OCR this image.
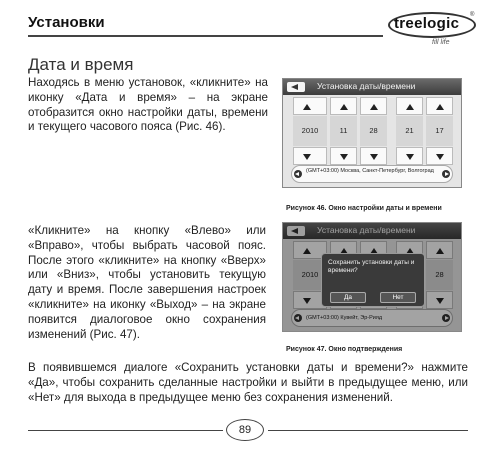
Установки	treelogic ®
fill life
Дата и время
Находясь в меню установок, «кликните» на иконку «Дата и время» – на экране отобразится окно настройки даты, времени и текущего часового пояса (Рис. 46).
Установка даты/времени
2010	11	28	21	17
(GMT+03:00) Москва, Санкт-Петербург, Волгоград
Рисунок 46. Окно настройки даты и времени
«Кликните» на кнопку «Влево» или «Вправо», чтобы выбрать часовой пояс. После этого «кликните» на кнопку «Вверх» или «Вниз», чтобы установить текущую дату и время. После завершения настроек «кликните» на иконку «Выход» – на экране появится диалоговое окно сохранения изменений (Рис. 47).
Установка даты/времени
2010	28
(GMT+03:00) Кувейт, Эр-Рияд
Сохранить установки даты и времени?
Да	Нет
Рисунок 47. Окно подтверждения
В появившемся диалоге «Сохранить установки даты и времени?» нажмите «Да», чтобы сохранить сделанные настройки и выйти в предыдущее меню, или «Нет» для выхода в предыдущее меню без сохранения изменений.
89
